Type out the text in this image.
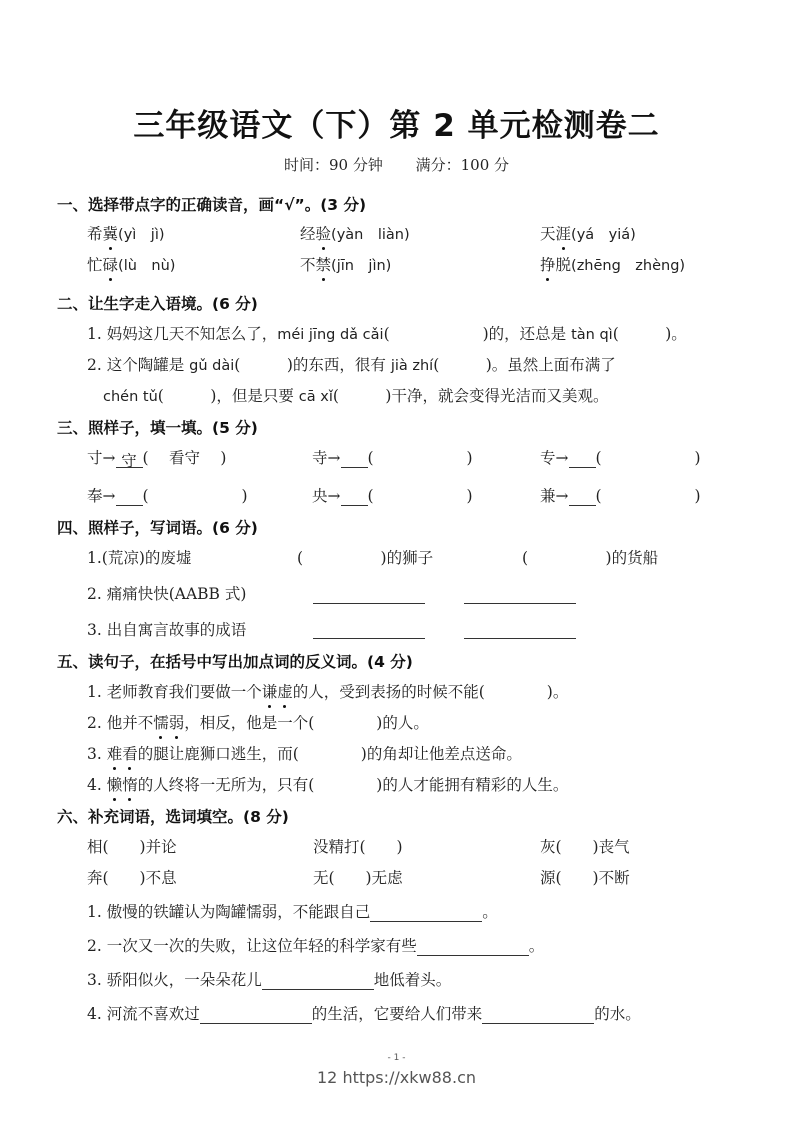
三年级语文（下）第 2 单元检测卷二
时间：90 分钟 满分：100 分
一、选择带点字的正确读音，画“√”。(3 分)
希冀(yì　jì)	经验(yàn　liàn)	天涯(yá　yiá)
忙碌(lù　nù)	不禁(jīn　jìn)	挣脱(zhēng　zhèng)
二、让生字走入语境。(6 分)
1. 妈妈这几天不知怎么了，méi jīng dǎ cǎi(　　　　　　)的，还总是 tàn qì(　　　)。
2. 这个陶罐是 gǔ dài(　　　)的东西，很有 jià zhí(　　　)。虽然上面布满了
chén tǔ(　　　)，但是只要 cā xǐ(　　　)干净，就会变得光洁而又美观。
三、照样子，填一填。(5 分)
寸→ 守 ( 　看守　 )	寺→ (　　　　　　)	专→ (　　　　　　)
奉→ (　　　　　　)	央→ (　　　　　　)	兼→ (　　　　　　)
四、照样子，写词语。(6 分)
1.(荒凉)的废墟	(　　　　　)的狮子	(　　　　　)的货船
2. 痛痛快快(AABB 式)
3. 出自寓言故事的成语
五、读句子，在括号中写出加点词的反义词。(4 分)
1. 老师教育我们要做一个谦虚的人，受到表扬的时候不能(　　　　)。
2. 他并不懦弱，相反，他是一个(　　　　)的人。
3. 难看的腿让鹿狮口逃生，而(　　　　)的角却让他差点送命。
4. 懒惰的人终将一无所为，只有(　　　　)的人才能拥有精彩的人生。
六、补充词语，选词填空。(8 分)
相(　　)并论	没精打(　　)	灰(　　)丧气
奔(　　)不息	无(　　)无虑	源(　　)不断
1. 傲慢的铁罐认为陶罐懦弱，不能跟自己	。
2. 一次又一次的失败，让这位年轻的科学家有些	。
3. 骄阳似火，一朵朵花儿	地低着头。
4. 河流不喜欢过	的生活，它要给人们带来	的水。
- 1 -
12 https://xkw88.cn
